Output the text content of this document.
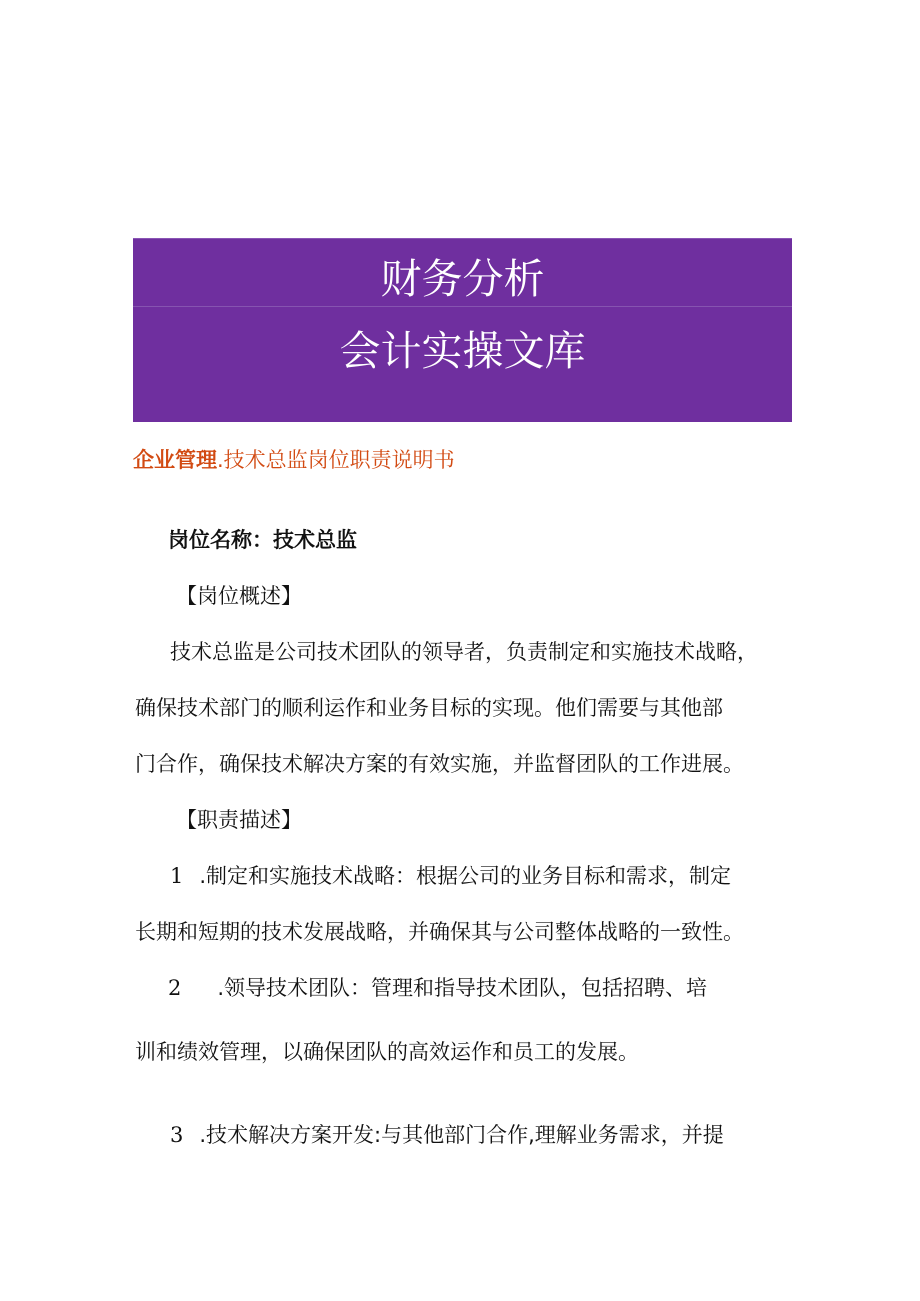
财务分析
会计实操文库
企业管理.技术总监岗位职责说明书
岗位名称：技术总监
【岗位概述】
技术总监是公司技术团队的领导者，负责制定和实施技术战略，
确保技术部门的顺利运作和业务目标的实现。他们需要与其他部
门合作，确保技术解决方案的有效实施，并监督团队的工作进展。
【职责描述】
1 .制定和实施技术战略：根据公司的业务目标和需求，制定
长期和短期的技术发展战略，并确保其与公司整体战略的一致性。
2 .领导技术团队：管理和指导技术团队，包括招聘、培
训和绩效管理，以确保团队的高效运作和员工的发展。
3 .技术解决方案开发:与其他部门合作,理解业务需求，并提
